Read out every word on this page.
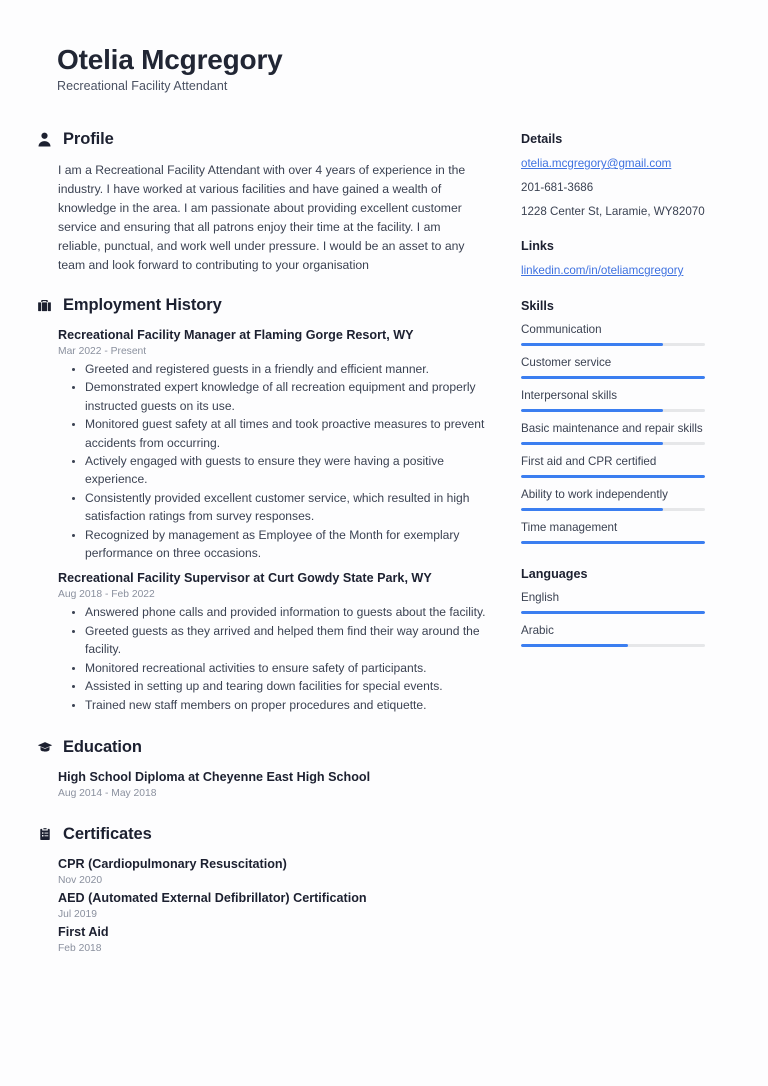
Otelia Mcgregory
Recreational Facility Attendant
Profile
I am a Recreational Facility Attendant with over 4 years of experience in the industry. I have worked at various facilities and have gained a wealth of knowledge in the area. I am passionate about providing excellent customer service and ensuring that all patrons enjoy their time at the facility. I am reliable, punctual, and work well under pressure. I would be an asset to any team and look forward to contributing to your organisation
Employment History
Recreational Facility Manager at Flaming Gorge Resort, WY
Mar 2022 - Present
Greeted and registered guests in a friendly and efficient manner.
Demonstrated expert knowledge of all recreation equipment and properly instructed guests on its use.
Monitored guest safety at all times and took proactive measures to prevent accidents from occurring.
Actively engaged with guests to ensure they were having a positive experience.
Consistently provided excellent customer service, which resulted in high satisfaction ratings from survey responses.
Recognized by management as Employee of the Month for exemplary performance on three occasions.
Recreational Facility Supervisor at Curt Gowdy State Park, WY
Aug 2018 - Feb 2022
Answered phone calls and provided information to guests about the facility.
Greeted guests as they arrived and helped them find their way around the facility.
Monitored recreational activities to ensure safety of participants.
Assisted in setting up and tearing down facilities for special events.
Trained new staff members on proper procedures and etiquette.
Education
High School Diploma at Cheyenne East High School
Aug 2014 - May 2018
Certificates
CPR (Cardiopulmonary Resuscitation)
Nov 2020
AED (Automated External Defibrillator) Certification
Jul 2019
First Aid
Feb 2018
Details
otelia.mcgregory@gmail.com
201-681-3686
1228 Center St, Laramie, WY82070
Links
linkedin.com/in/oteliamcgregory
Skills
Communication
Customer service
Interpersonal skills
Basic maintenance and repair skills
First aid and CPR certified
Ability to work independently
Time management
Languages
English
Arabic
